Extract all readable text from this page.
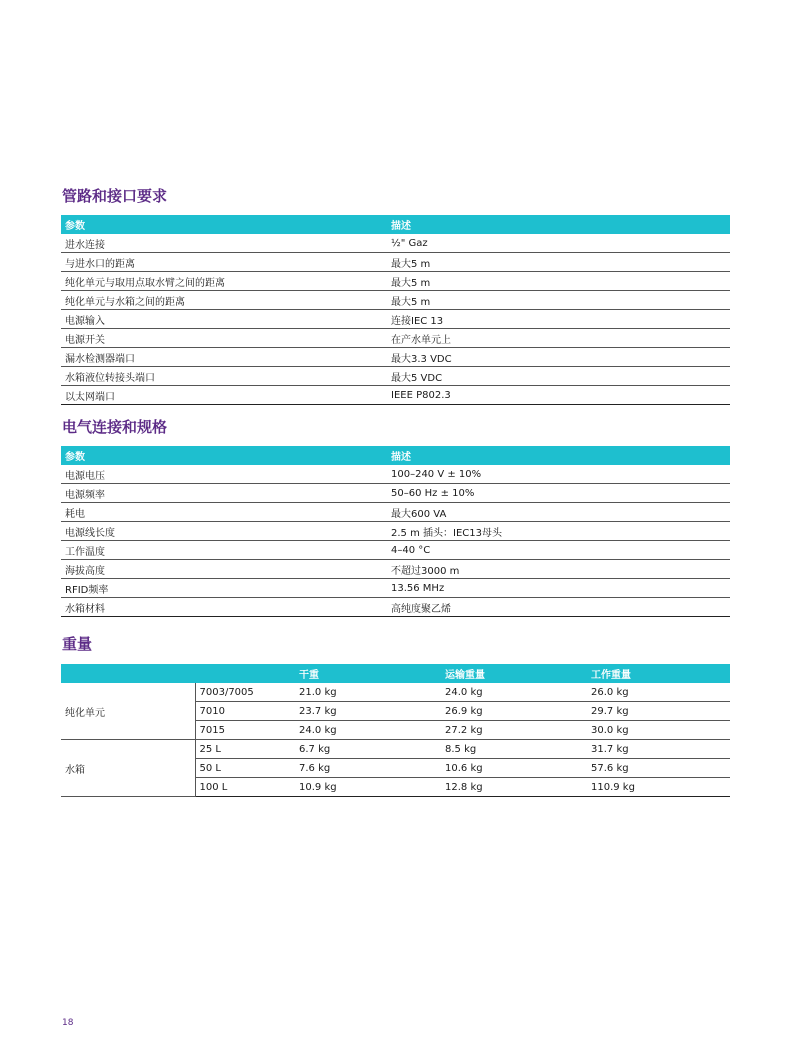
管路和接口要求
参数	描述
进水连接	½" Gaz
与进水口的距离	最大5 m
纯化单元与取用点取水臂之间的距离	最大5 m
纯化单元与水箱之间的距离	最大5 m
电源输入	连接IEC 13
电源开关	在产水单元上
漏水检测器端口	最大3.3 VDC
水箱液位转接头端口	最大5 VDC
以太网端口	IEEE P802.3
电气连接和规格
参数	描述
电源电压	100–240 V ± 10%
电源频率	50–60 Hz ± 10%
耗电	最大600 VA
电源线长度	2.5 m 插头：IEC13母头
工作温度	4–40 °C
海拔高度	不超过3000 m
RFID频率	13.56 MHz
水箱材料	高纯度聚乙烯
重量
		干重	运输重量	工作重量
纯化单元	7003/7005	21.0 kg	24.0 kg	26.0 kg
	7010	23.7 kg	26.9 kg	29.7 kg
	7015	24.0 kg	27.2 kg	30.0 kg
水箱	25 L	6.7 kg	8.5 kg	31.7 kg
	50 L	7.6 kg	10.6 kg	57.6 kg
	100 L	10.9 kg	12.8 kg	110.9 kg
18
